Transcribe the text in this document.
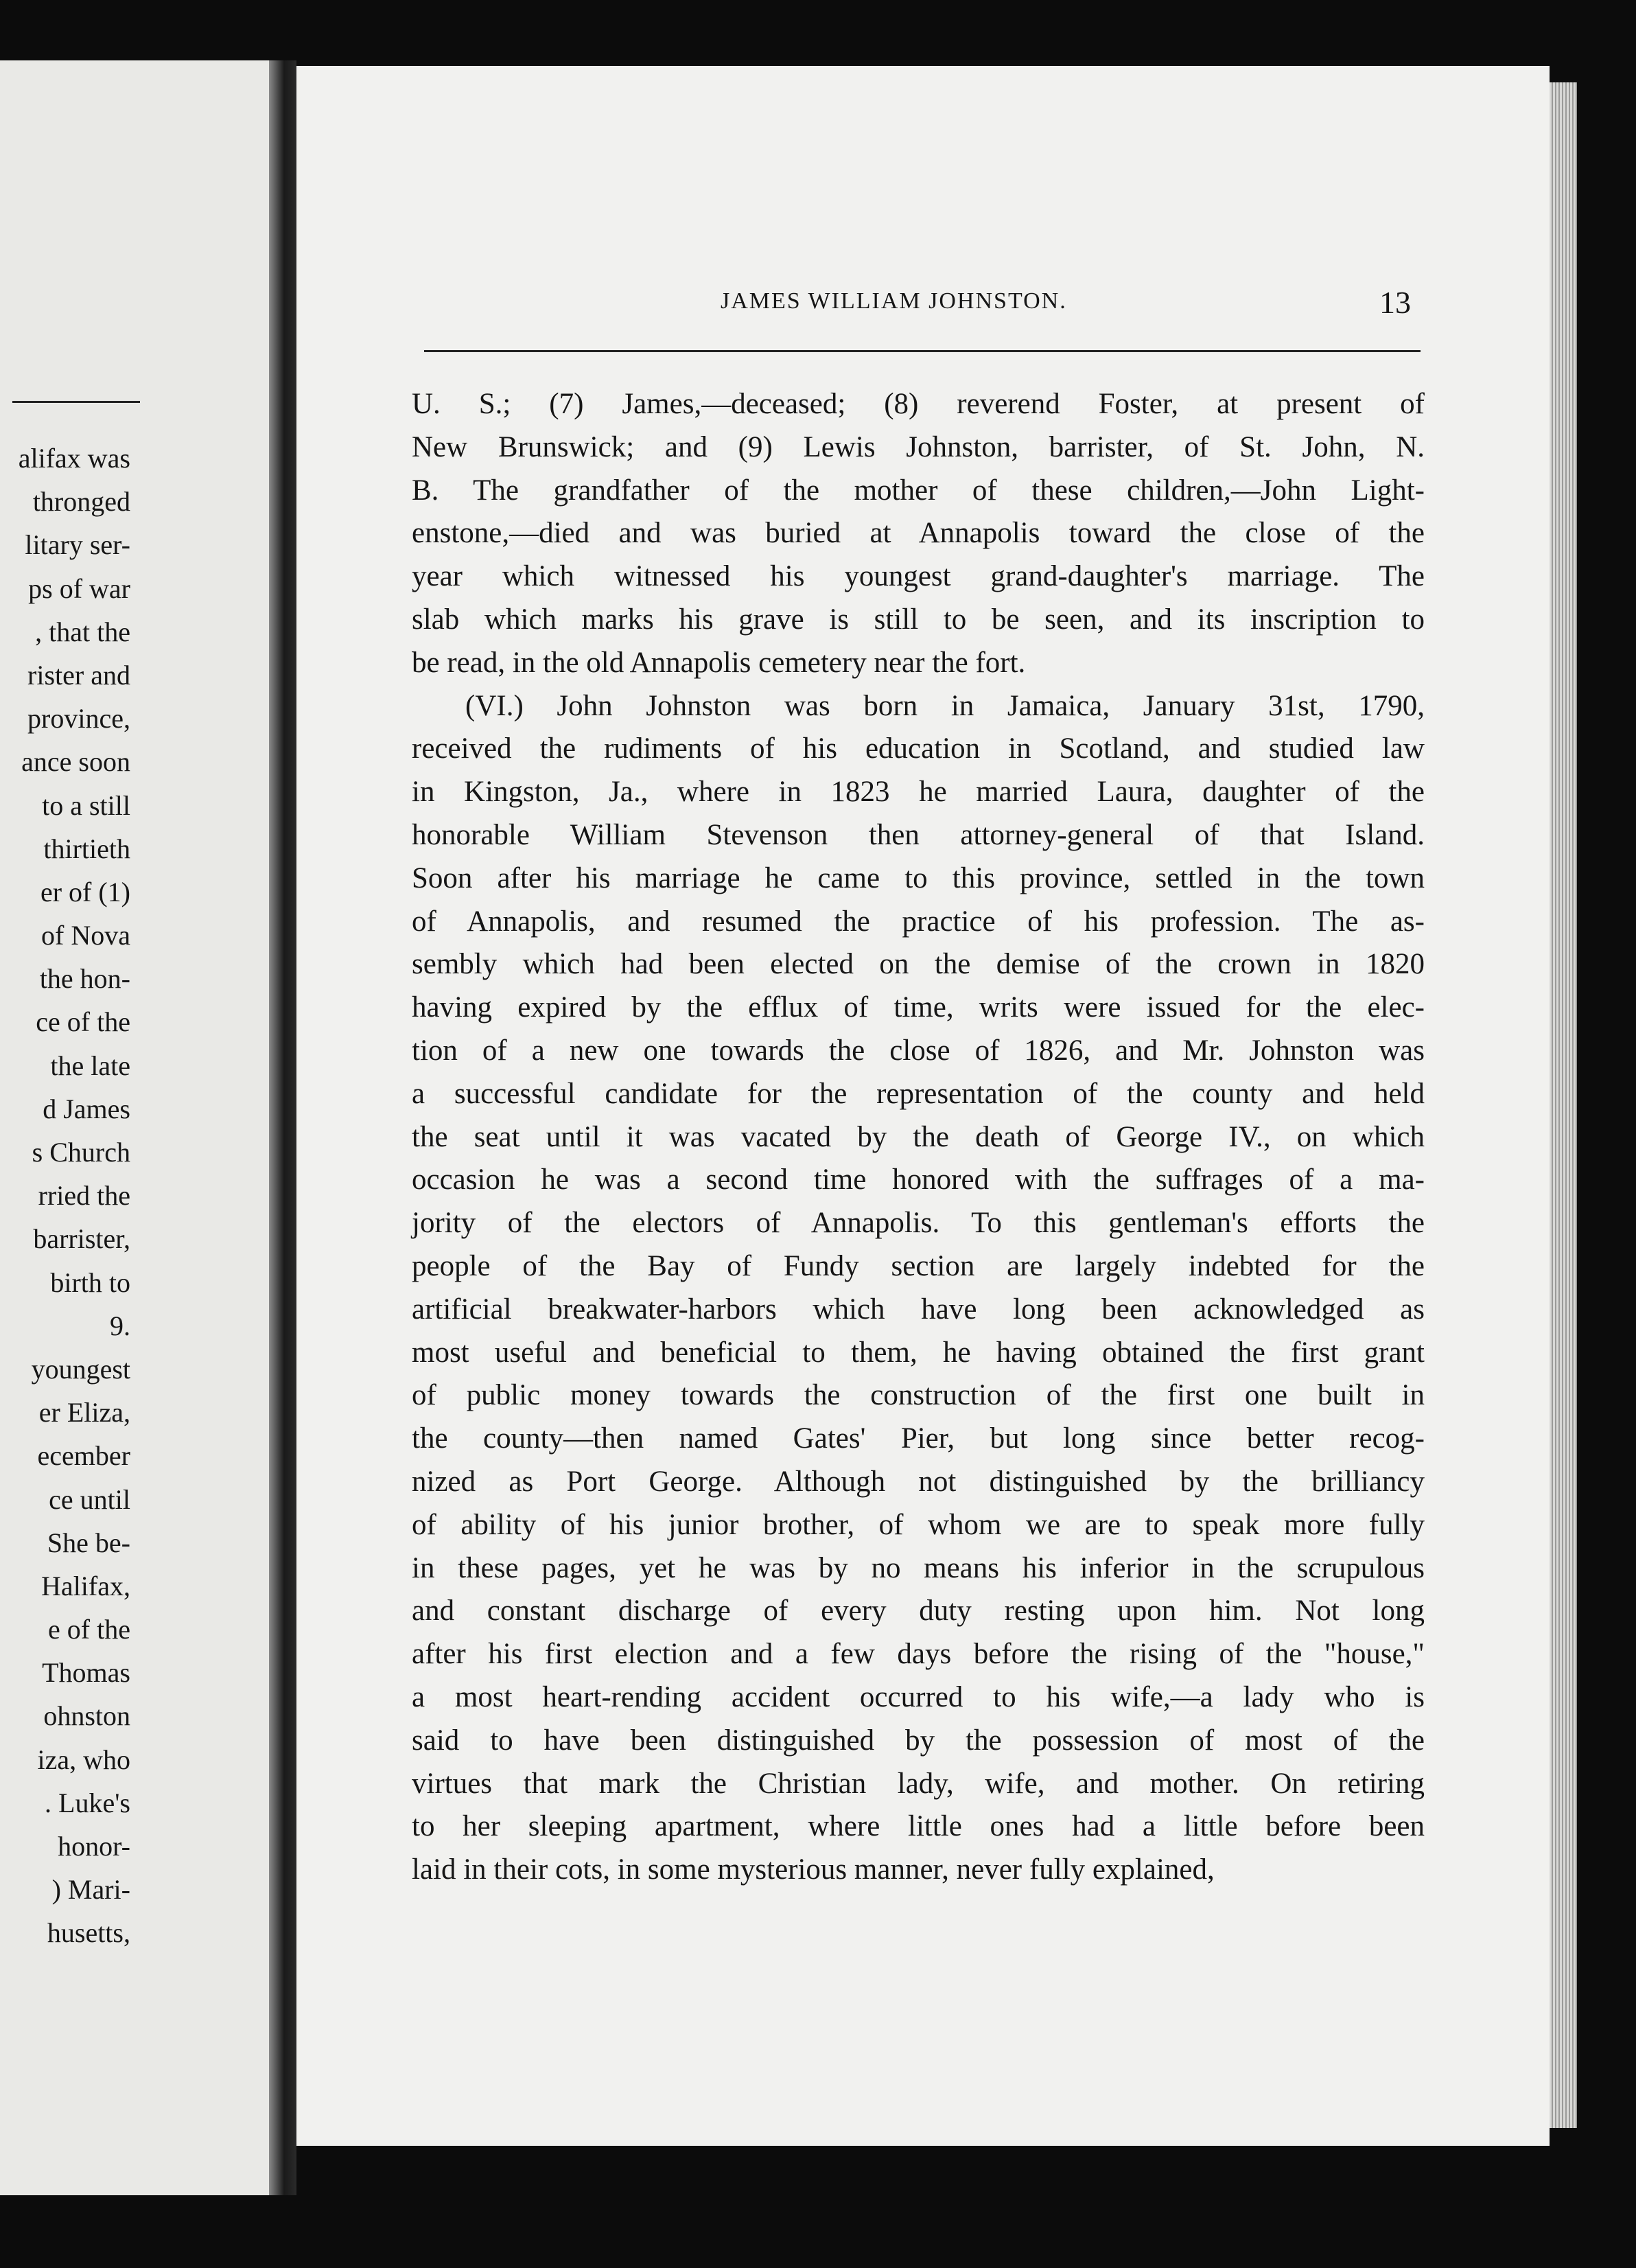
alifax was
thronged
litary ser-
ps of war
, that the
rister and
province,
ance soon
to a still
thirtieth
er of (1)
of Nova
the hon-
ce of the
the late
d James
s Church
rried the
barrister,
birth to
9.
youngest
er Eliza,
ecember
ce until
She be-
Halifax,
e of the
Thomas
ohnston
iza, who
. Luke's
honor-
) Mari-
husetts,
JAMES WILLIAM JOHNSTON.	13
U. S.; (7) James,—deceased; (8) reverend Foster, at present of
New Brunswick; and (9) Lewis Johnston, barrister, of St. John, N.
B. The grandfather of the mother of these children,—John Light-
enstone,—died and was buried at Annapolis toward the close of the
year which witnessed his youngest grand-daughter's marriage. The
slab which marks his grave is still to be seen, and its inscription to
be read, in the old Annapolis cemetery near the fort.
(VI.) John Johnston was born in Jamaica, January 31st, 1790,
received the rudiments of his education in Scotland, and studied law
in Kingston, Ja., where in 1823 he married Laura, daughter of the
honorable William Stevenson then attorney-general of that Island.
Soon after his marriage he came to this province, settled in the town
of Annapolis, and resumed the practice of his profession. The as-
sembly which had been elected on the demise of the crown in 1820
having expired by the efflux of time, writs were issued for the elec-
tion of a new one towards the close of 1826, and Mr. Johnston was
a successful candidate for the representation of the county and held
the seat until it was vacated by the death of George IV., on which
occasion he was a second time honored with the suffrages of a ma-
jority of the electors of Annapolis. To this gentleman's efforts the
people of the Bay of Fundy section are largely indebted for the
artificial breakwater-harbors which have long been acknowledged as
most useful and beneficial to them, he having obtained the first grant
of public money towards the construction of the first one built in
the county—then named Gates' Pier, but long since better recog-
nized as Port George. Although not distinguished by the brilliancy
of ability of his junior brother, of whom we are to speak more fully
in these pages, yet he was by no means his inferior in the scrupulous
and constant discharge of every duty resting upon him. Not long
after his first election and a few days before the rising of the "house,"
a most heart-rending accident occurred to his wife,—a lady who is
said to have been distinguished by the possession of most of the
virtues that mark the Christian lady, wife, and mother. On retiring
to her sleeping apartment, where little ones had a little before been
laid in their cots, in some mysterious manner, never fully explained,
